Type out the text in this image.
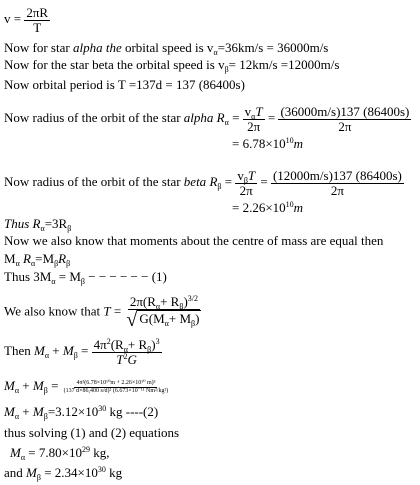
$v = \frac{2\pi R}{T}$
Now for star alpha the orbital speed is $v_\alpha=36km/s = 36000m/s$
Now for the star beta the orbital speed is $v_\beta= 12km/s =12000m/s$
Now orbital period is T =137d = 137 (86400s)
Now radius of the orbit of the star alpha $R_\alpha = \frac{v_\alpha T}{2\pi} = \frac{(36000m/s)137 (86400s)}{2\pi}$
= $6.78\times 10^{10}m$
Now radius of the orbit of the star beta $R_\beta = \frac{v_\beta T}{2\pi} = \frac{(12000m/s)137 (86400s)}{2\pi}$
= $2.26\times 10^{10}m$
Thus $R_\alpha=3R_\beta$
Now we also know that moments about the centre of mass are equal then
$M_\alpha$ $R_\alpha=M_\beta R_\beta$
Thus $3M_\alpha = M_\beta$ − − − − − − (1)
We also know that $T = \frac{2\pi(R_\alpha+ R_\beta)^{3/2}}{√ G(M_\alpha+ M_\beta)}$
Then $M_\alpha + M_\beta = \frac{4\pi^2(R_\alpha+ R_\beta)^3}{T^2G}$
$M_\alpha + M_\beta = \frac{\text{4π²(6.78×10¹⁰m + 2.26×10¹⁰ m)³}}{\text{(137 d×86,400 s/d)² (6.673×10⁻¹¹ Nm²/kg²)}}$
$M_\alpha + M_\beta=3.12\times 10^{30}$ kg ----(2)
thus solving (1) and (2) equations
$M_\alpha = 7.80\times 10^{29}$ kg,
and $M_\beta = 2.34\times 10^{30}$ kg
